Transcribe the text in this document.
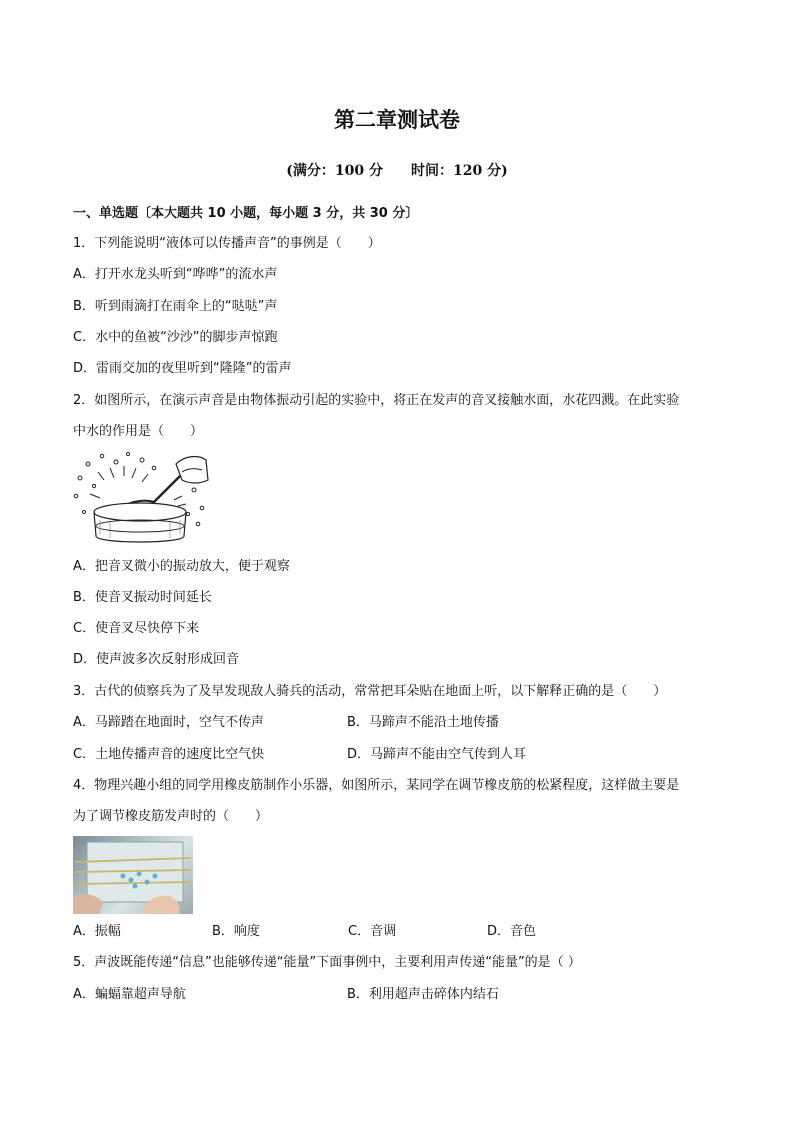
第二章测试卷
(满分：100 分 时间：120 分)
一、单选题〔本大题共 10 小题，每小题 3 分，共 30 分〕
1．下列能说明“液体可以传播声音”的事例是（　　）
A．打开水龙头听到“哗哗”的流水声
B．听到雨滴打在雨伞上的“哒哒”声
C．水中的鱼被“沙沙”的脚步声惊跑
D．雷雨交加的夜里听到“隆隆”的雷声
2．如图所示，在演示声音是由物体振动引起的实验中，将正在发声的音叉接触水面，水花四溅。在此实验
中水的作用是（　　）
A．把音叉微小的振动放大，便于观察
B．使音叉振动时间延长
C．使音叉尽快停下来
D．使声波多次反射形成回音
3．古代的侦察兵为了及早发现敌人骑兵的活动，常常把耳朵贴在地面上听，以下解释正确的是（　　）
A．马蹄踏在地面时，空气不传声	B．马蹄声不能沿土地传播
C．土地传播声音的速度比空气快	D．马蹄声不能由空气传到人耳
4．物理兴趣小组的同学用橡皮筋制作小乐器，如图所示，某同学在调节橡皮筋的松紧程度，这样做主要是
为了调节橡皮筋发声时的（　　）
A．振幅	B．响度	C．音调	D．音色
5．声波既能传递“信息”也能够传递“能量”下面事例中，主要利用声传递“能量”的是（ ）
A．蝙蝠靠超声导航	B．利用超声击碎体内结石
